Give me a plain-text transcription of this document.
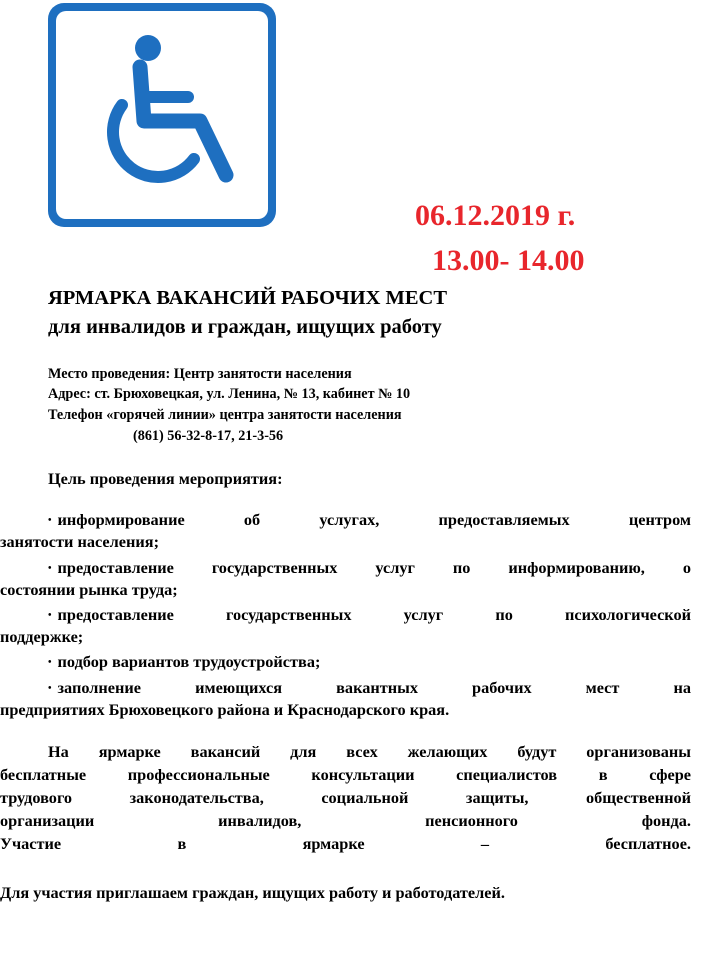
06.12.2019 г.
13.00- 14.00
ЯРМАРКА ВАКАНСИЙ РАБОЧИХ МЕСТ
для инвалидов и граждан, ищущих работу
Место проведения: Центр занятости населения
Адрес: ст. Брюховецкая, ул. Ленина, № 13, кабинет № 10
Телефон «горячей линии» центра занятости населения
(861) 56-32-8-17, 21-3-56
Цель проведения мероприятия:
• информирование об услугах, предоставляемых центром
занятости населения;
• предоставление государственных услуг по информированию, о
состоянии рынка труда;
• предоставление государственных услуг по психологической
поддержке;
• подбор вариантов трудоустройства;
• заполнение имеющихся вакантных рабочих мест на
предприятиях Брюховецкого района и Краснодарского края.
На ярмарке вакансий для всех желающих будут организованы
бесплатные профессиональные консультации специалистов в сфере
трудового законодательства, социальной защиты, общественной
организации инвалидов, пенсионного фонда.
Участие в ярмарке – бесплатное.
Для участия приглашаем граждан, ищущих работу и работодателей.
